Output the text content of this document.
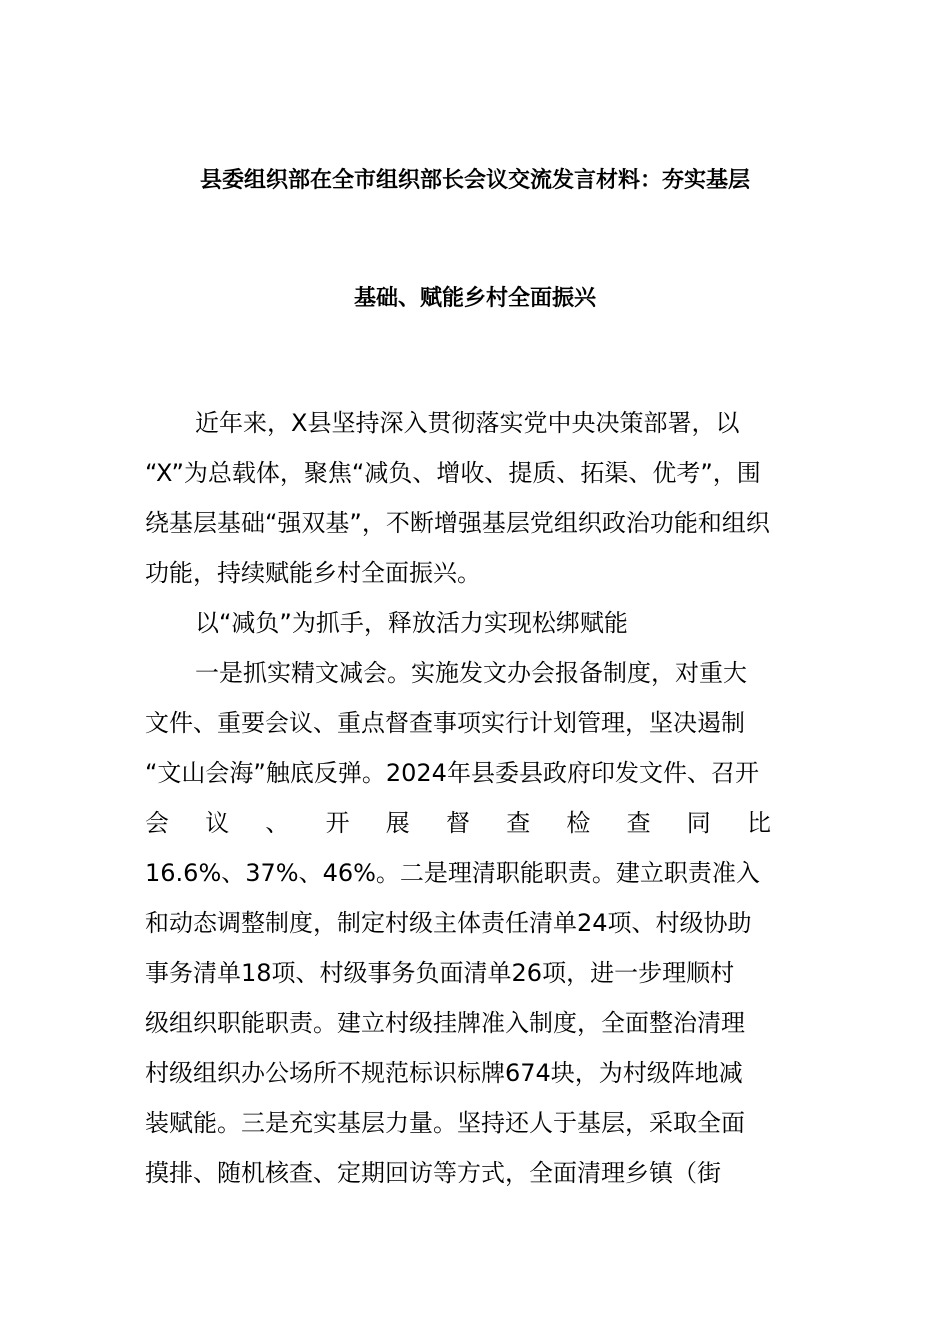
县委组织部在全市组织部长会议交流发言材料：夯实基层
基础、赋能乡村全面振兴
近年来，X县坚持深入贯彻落实党中央决策部署，以
“X”为总载体，聚焦“减负、增收、提质、拓渠、优考”，围
绕基层基础“强双基”，不断增强基层党组织政治功能和组织
功能，持续赋能乡村全面振兴。
以“减负”为抓手，释放活力实现松绑赋能
一是抓实精文减会。实施发文办会报备制度，对重大
文件、重要会议、重点督查事项实行计划管理，坚决遏制
“文山会海”触底反弹。2024年县委县政府印发文件、召开
会议、开展督查检查同比
16.6%、37%、46%。二是理清职能职责。建立职责准入
和动态调整制度，制定村级主体责任清单24项、村级协助
事务清单18项、村级事务负面清单26项，进一步理顺村
级组织职能职责。建立村级挂牌准入制度，全面整治清理
村级组织办公场所不规范标识标牌674块，为村级阵地减
装赋能。三是充实基层力量。坚持还人于基层，采取全面
摸排、随机核查、定期回访等方式，全面清理乡镇（街
